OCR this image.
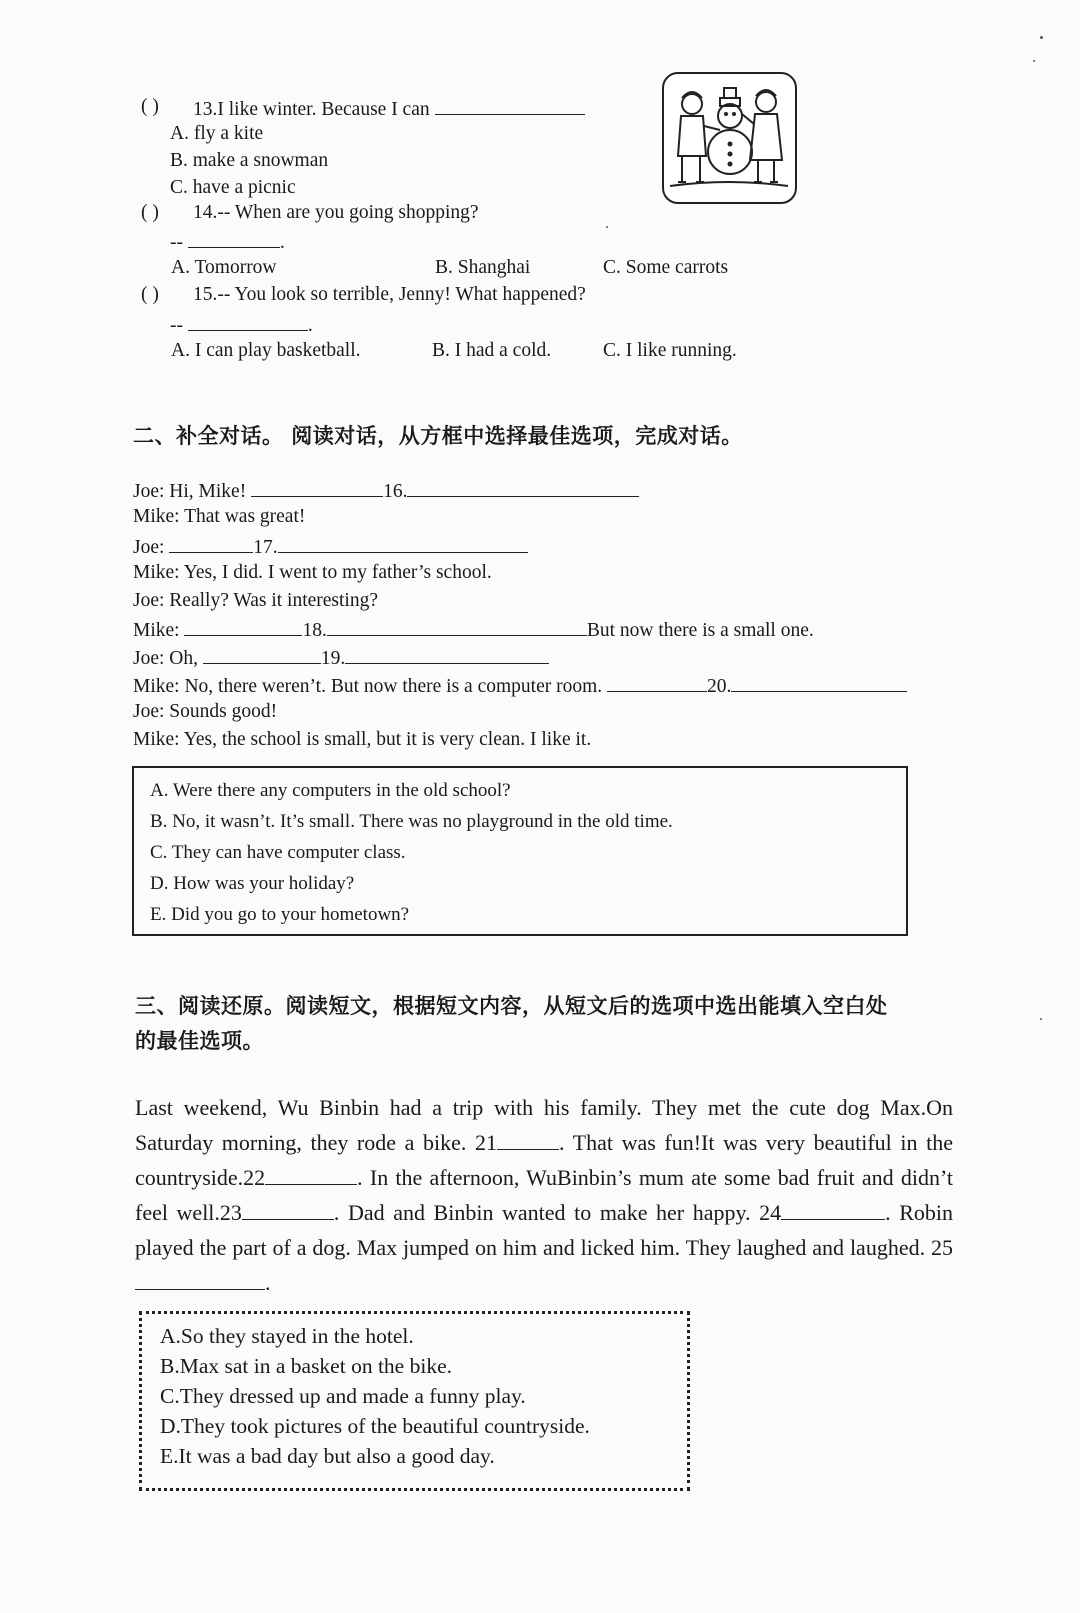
( ) 13.I like winter. Because I can
A. fly a kite
B. make a snowman
C. have a picnic
( ) 14.-- When are you going shopping?
--	.
A. Tomorrow	B. Shanghai	C. Some carrots
( ) 15.-- You look so terrible, Jenny! What happened?
--	.
A. I can play basketball.	B. I had a cold.	C. I like running.
二、补全对话。 阅读对话，从方框中选择最佳选项，完成对话。
Joe: Hi, Mike!	16.
Mike: That was great!
Joe:	17.
Mike: Yes, I did. I went to my father’s school.
Joe: Really? Was it interesting?
Mike:	18.	But now there is a small one.
Joe: Oh,	19.
Mike: No, there weren’t. But now there is a computer room.	20.
Joe: Sounds good!
Mike: Yes, the school is small, but it is very clean. I like it.
A. Were there any computers in the old school?
B. No, it wasn’t. It’s small. There was no playground in the old time.
C. They can have computer class.
D. How was your holiday?
E. Did you go to your hometown?
三、阅读还原。阅读短文，根据短文内容，从短文后的选项中选出能填入空白处
的最佳选项。
Last weekend, Wu Binbin had a trip with his family. They met the cute dog Max.On Saturday morning, they rode a bike. 21	. That was fun!It was very beautiful in the countryside.22	. In the afternoon, WuBinbin’s mum ate some bad fruit and didn’t feel well.23	. Dad and Binbin wanted to make her happy. 24	. Robin played the part of a dog. Max jumped on him and licked him. They laughed and laughed. 25.
A.So they stayed in the hotel.
B.Max sat in a basket on the bike.
C.They dressed up and made a funny play.
D.They took pictures of the beautiful countryside.
E.It was a bad day but also a good day.
